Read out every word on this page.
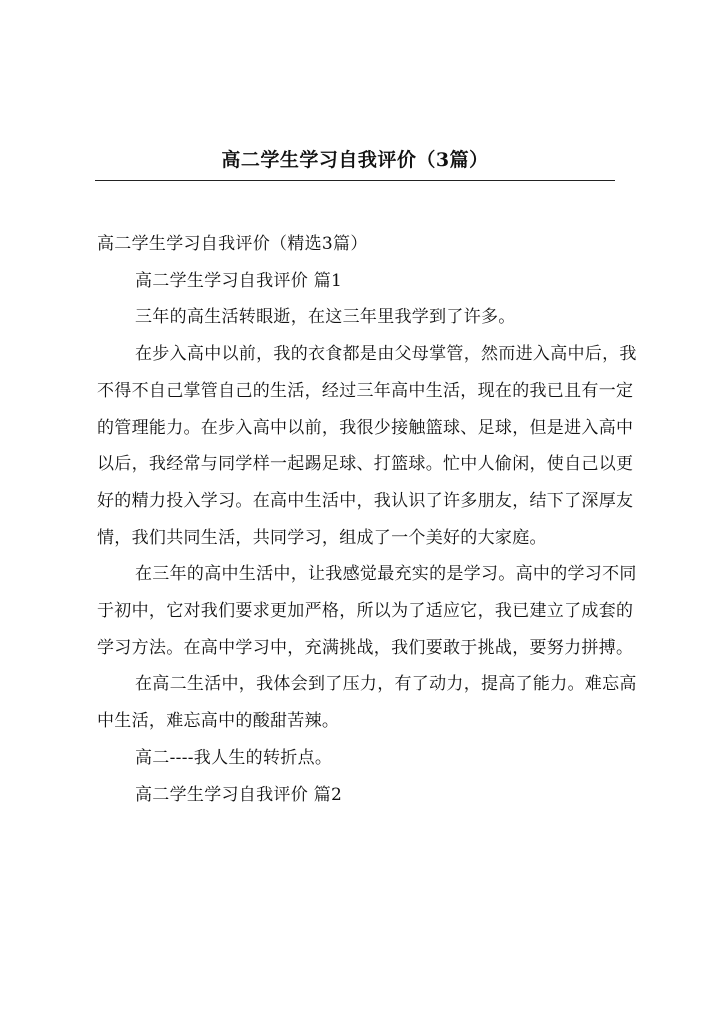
高二学生学习自我评价（3篇）

高二学生学习自我评价（精选3篇）

高二学生学习自我评价 篇1

三年的高生活转眼逝，在这三年里我学到了许多。

在步入高中以前，我的衣食都是由父母掌管，然而进入高中后，我不得不自己掌管自己的生活，经过三年高中生活，现在的我已且有一定的管理能力。在步入高中以前，我很少接触篮球、足球，但是进入高中以后，我经常与同学样一起踢足球、打篮球。忙中人偷闲，使自己以更好的精力投入学习。在高中生活中，我认识了许多朋友，结下了深厚友情，我们共同生活，共同学习，组成了一个美好的大家庭。

在三年的高中生活中，让我感觉最充实的是学习。高中的学习不同于初中，它对我们要求更加严格，所以为了适应它，我已建立了成套的学习方法。在高中学习中，充满挑战，我们要敢于挑战，要努力拼搏。

在高二生活中，我体会到了压力，有了动力，提高了能力。难忘高中生活，难忘高中的酸甜苦辣。

高二----我人生的转折点。

高二学生学习自我评价 篇2
